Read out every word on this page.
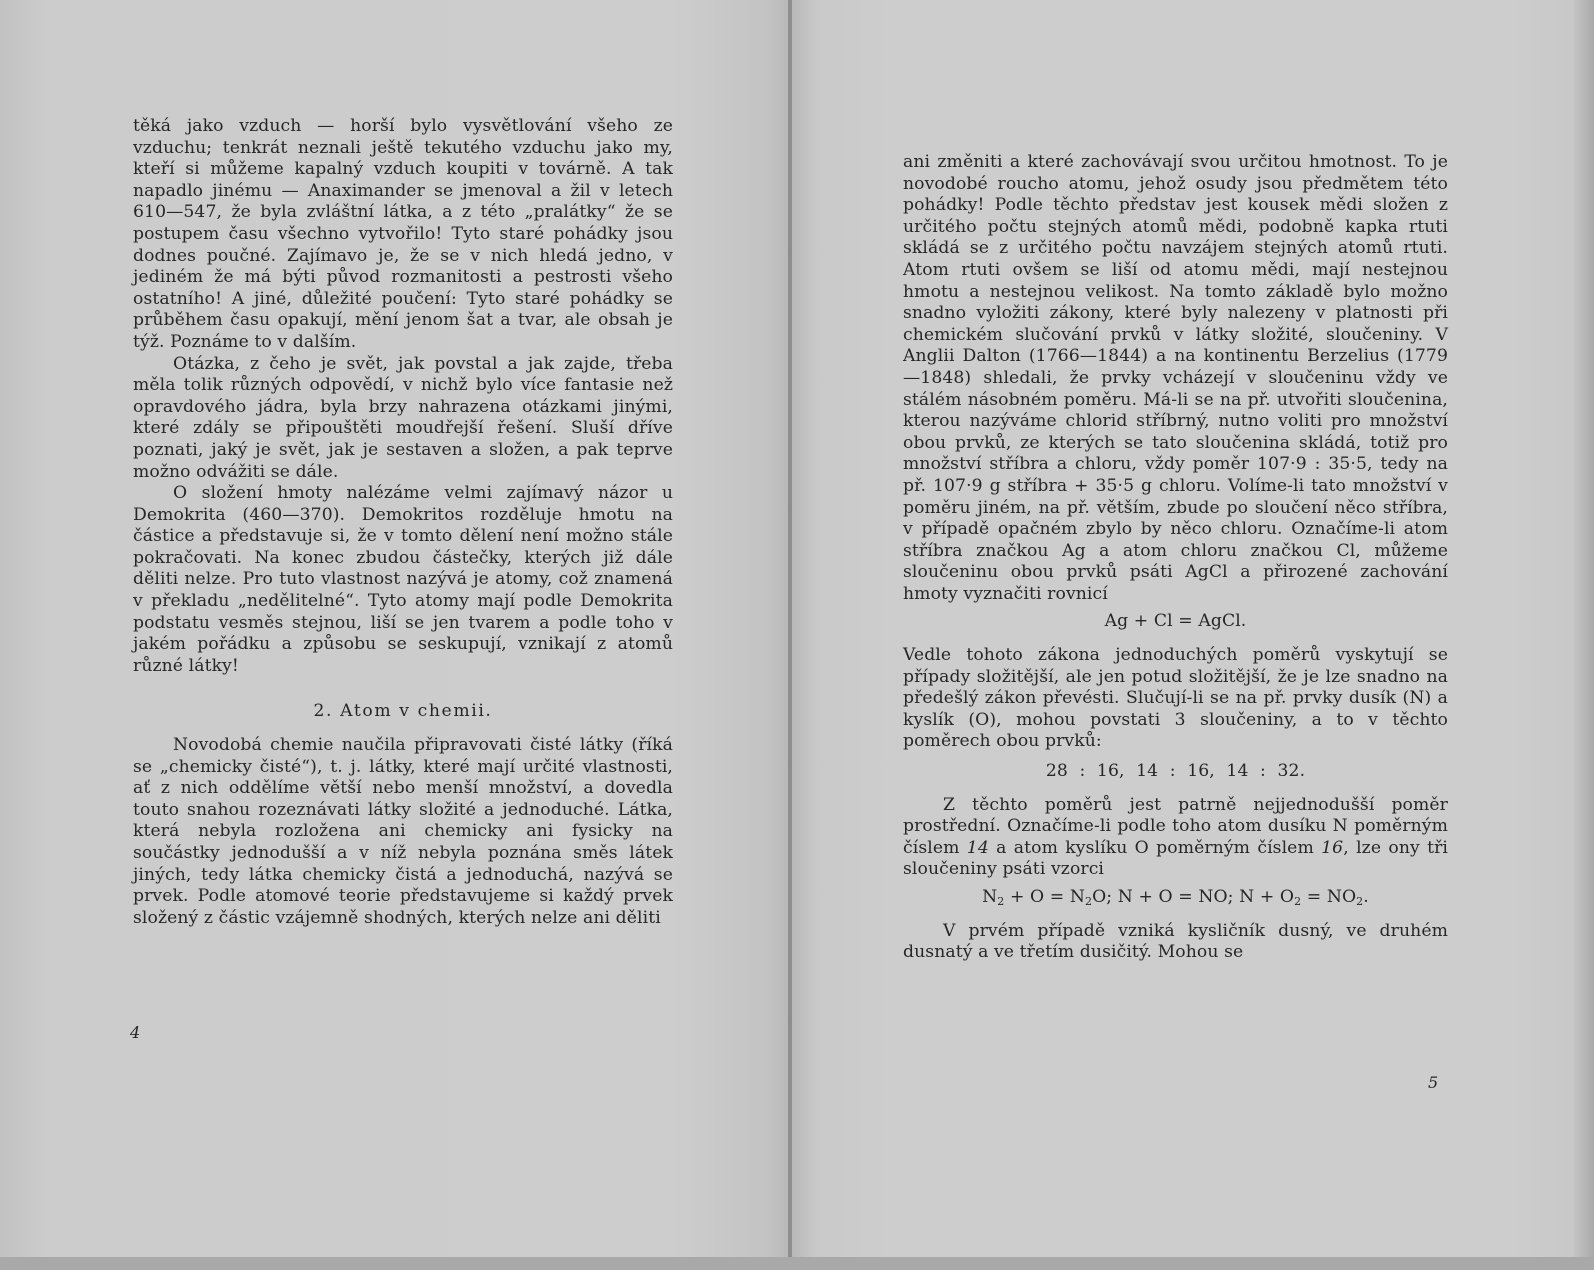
těká jako vzduch — horší bylo vysvětlování všeho ze vzduchu; tenkrát neznali ještě tekutého vzduchu jako my, kteří si můžeme kapalný vzduch koupiti v továrně. A tak napadlo jinému — Anaximander se jmenoval a žil v letech 610—547, že byla zvláštní látka, a z této „pralátky“ že se postupem času všechno vytvořilo! Tyto staré pohádky jsou dodnes poučné. Zajímavo je, že se v nich hledá jedno, v jediném že má býti původ rozmanitosti a pestrosti všeho ostatního! A jiné, důležité poučení: Tyto staré pohádky se průběhem času opakují, mění jenom šat a tvar, ale obsah je týž. Poznáme to v dalším.

Otázka, z čeho je svět, jak povstal a jak zajde, třeba měla tolik různých odpovědí, v nichž bylo více fantasie než opravdového jádra, byla brzy nahrazena otázkami jinými, které zdály se připouštěti moudřejší řešení. Sluší dříve poznati, jaký je svět, jak je sestaven a složen, a pak teprve možno odvážiti se dále.

O složení hmoty nalézáme velmi zajímavý názor u Demokrita (460—370). Demokritos rozděluje hmotu na částice a představuje si, že v tomto dělení není možno stále pokračovati. Na konec zbudou částečky, kterých již dále děliti nelze. Pro tuto vlastnost nazývá je atomy, což znamená v překladu „nedělitelné“. Tyto atomy mají podle Demokrita podstatu vesměs stejnou, liší se jen tvarem a podle toho v jakém pořádku a způsobu se seskupují, vznikají z atomů různé látky!

2. Atom v chemii.

Novodobá chemie naučila připravovati čisté látky (říká se „chemicky čisté“), t. j. látky, které mají určité vlastnosti, ať z nich oddělíme větší nebo menší množství, a dovedla touto snahou rozeznávati látky složité a jednoduché. Látka, která nebyla rozložena ani chemicky ani fysicky na součástky jednodušší a v níž nebyla poznána směs látek jiných, tedy látka chemicky čistá a jednoduchá, nazývá se prvek. Podle atomové teorie představujeme si každý prvek složený z částic vzájemně shodných, kterých nelze ani děliti

4

ani změniti a které zachovávají svou určitou hmotnost. To je novodobé roucho atomu, jehož osudy jsou předmětem této pohádky! Podle těchto představ jest kousek mědi složen z určitého počtu stejných atomů mědi, podobně kapka rtuti skládá se z určitého počtu navzájem stejných atomů rtuti. Atom rtuti ovšem se liší od atomu mědi, mají nestejnou hmotu a nestejnou velikost. Na tomto základě bylo možno snadno vyložiti zákony, které byly nalezeny v platnosti při chemickém slučování prvků v látky složité, sloučeniny. V Anglii Dalton (1766—1844) a na kontinentu Berzelius (1779—1848) shledali, že prvky vcházejí v sloučeninu vždy ve stálém násobném poměru. Má-li se na př. utvořiti sloučenina, kterou nazýváme chlorid stříbrný, nutno voliti pro množství obou prvků, ze kterých se tato sloučenina skládá, totiž pro množství stříbra a chloru, vždy poměr 107·9 : 35·5, tedy na př. 107·9 g stříbra + 35·5 g chloru. Volíme-li tato množství v poměru jiném, na př. větším, zbude po sloučení něco stříbra, v případě opačném zbylo by něco chloru. Označíme-li atom stříbra značkou Ag a atom chloru značkou Cl, můžeme sloučeninu obou prvků psáti AgCl a přirozené zachování hmoty vyznačiti rovnicí

Ag + Cl = AgCl.

Vedle tohoto zákona jednoduchých poměrů vyskytují se případy složitější, ale jen potud složitější, že je lze snadno na předešlý zákon převésti. Slučují-li se na př. prvky dusík (N) a kyslík (O), mohou povstati 3 sloučeniny, a to v těchto poměrech obou prvků:

28 : 16, 14 : 16, 14 : 32.

Z těchto poměrů jest patrně nejjednodušší poměr prostřední. Označíme-li podle toho atom dusíku N poměrným číslem 14 a atom kyslíku O poměrným číslem 16, lze ony tři sloučeniny psáti vzorci

$N_2 + O = N_2O$; N + O = NO; $N + O_2 = NO_2$.

V prvém případě vzniká kysličník dusný, ve druhém dusnatý a ve třetím dusičitý. Mohou se

5
